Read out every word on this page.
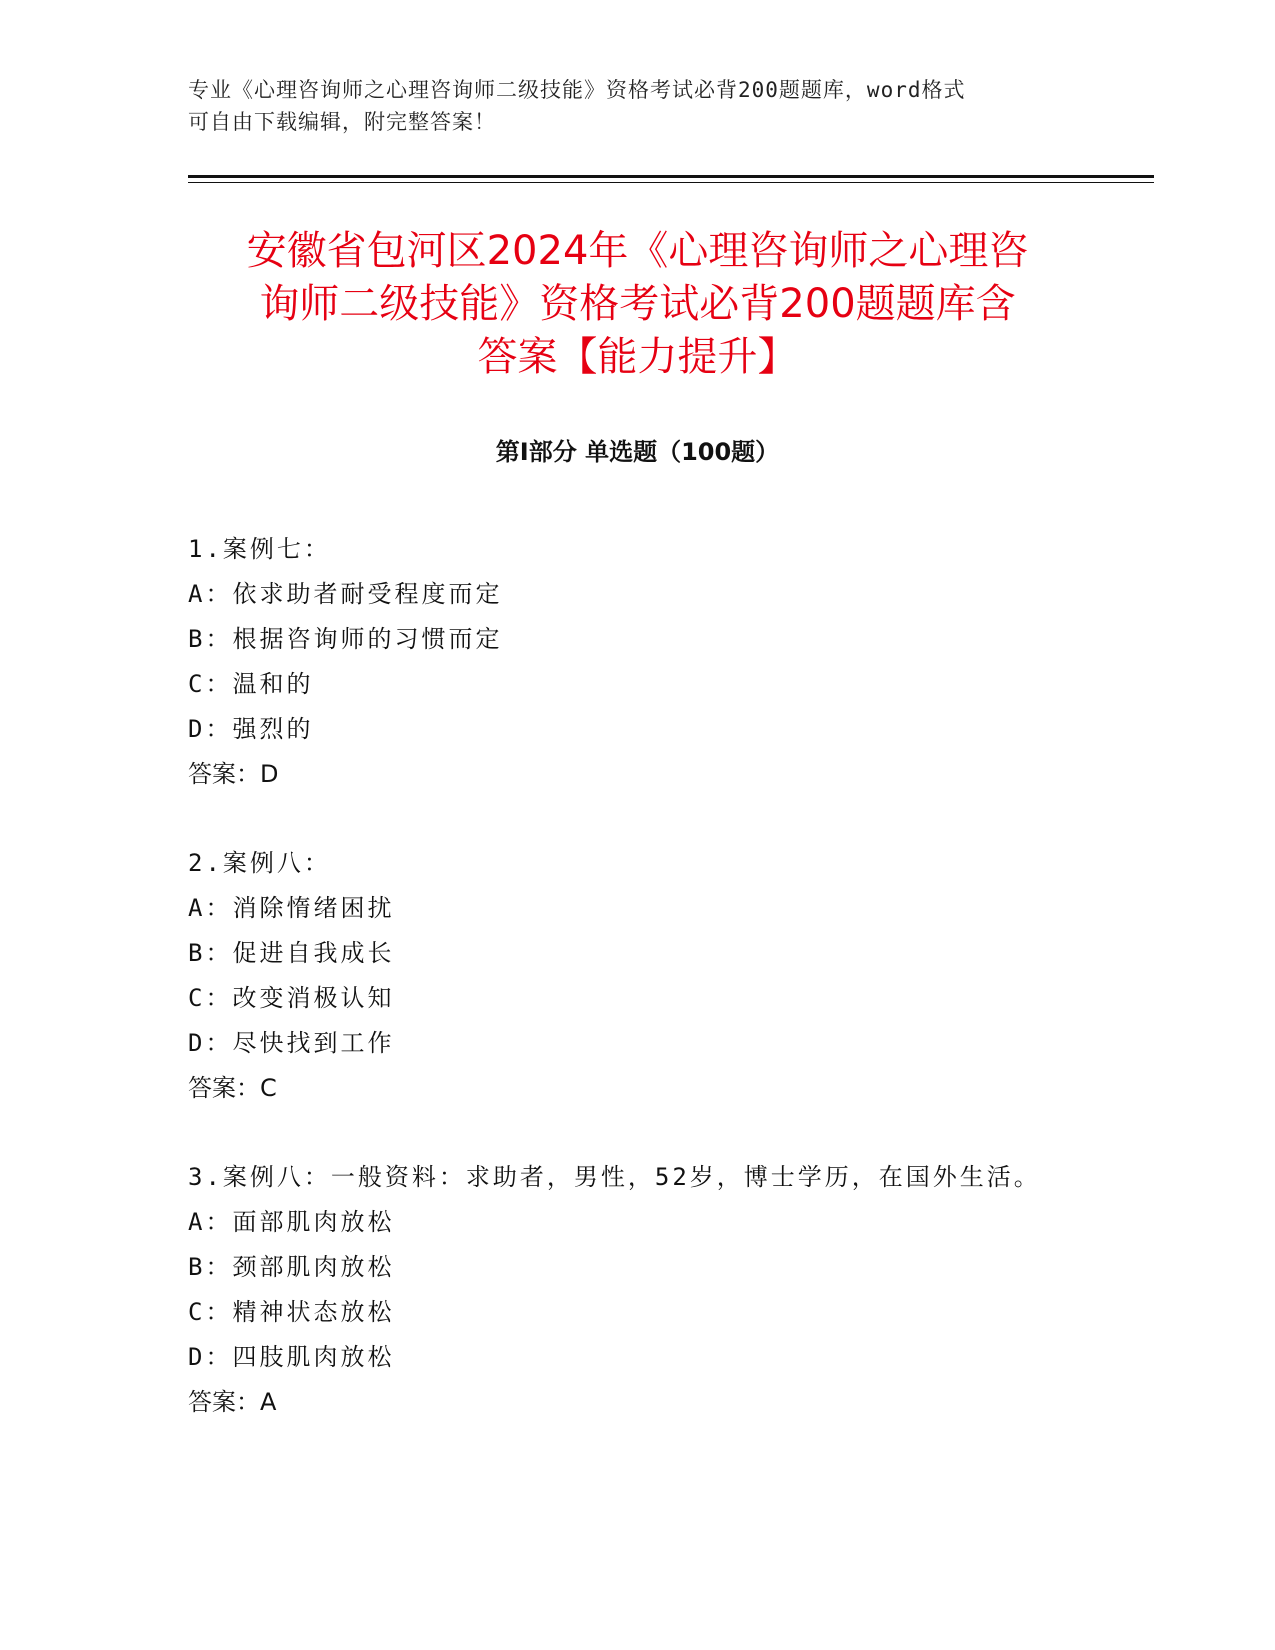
专业《心理咨询师之心理咨询师二级技能》资格考试必背200题题库，word格式
可自由下载编辑，附完整答案！
安徽省包河区2024年《心理咨询师之心理咨
询师二级技能》资格考试必背200题题库含
答案【能力提升】
第Ⅰ部分 单选题（100题）
1.案例七：
A：依求助者耐受程度而定
B：根据咨询师的习惯而定
C：温和的
D：强烈的
答案：D
2.案例八：
A：消除惰绪困扰
B：促进自我成长
C：改变消极认知
D：尽快找到工作
答案：C
3.案例八：一般资料：求助者，男性，52岁，博士学历，在国外生活。
A：面部肌肉放松
B：颈部肌肉放松
C：精神状态放松
D：四肢肌肉放松
答案：A
